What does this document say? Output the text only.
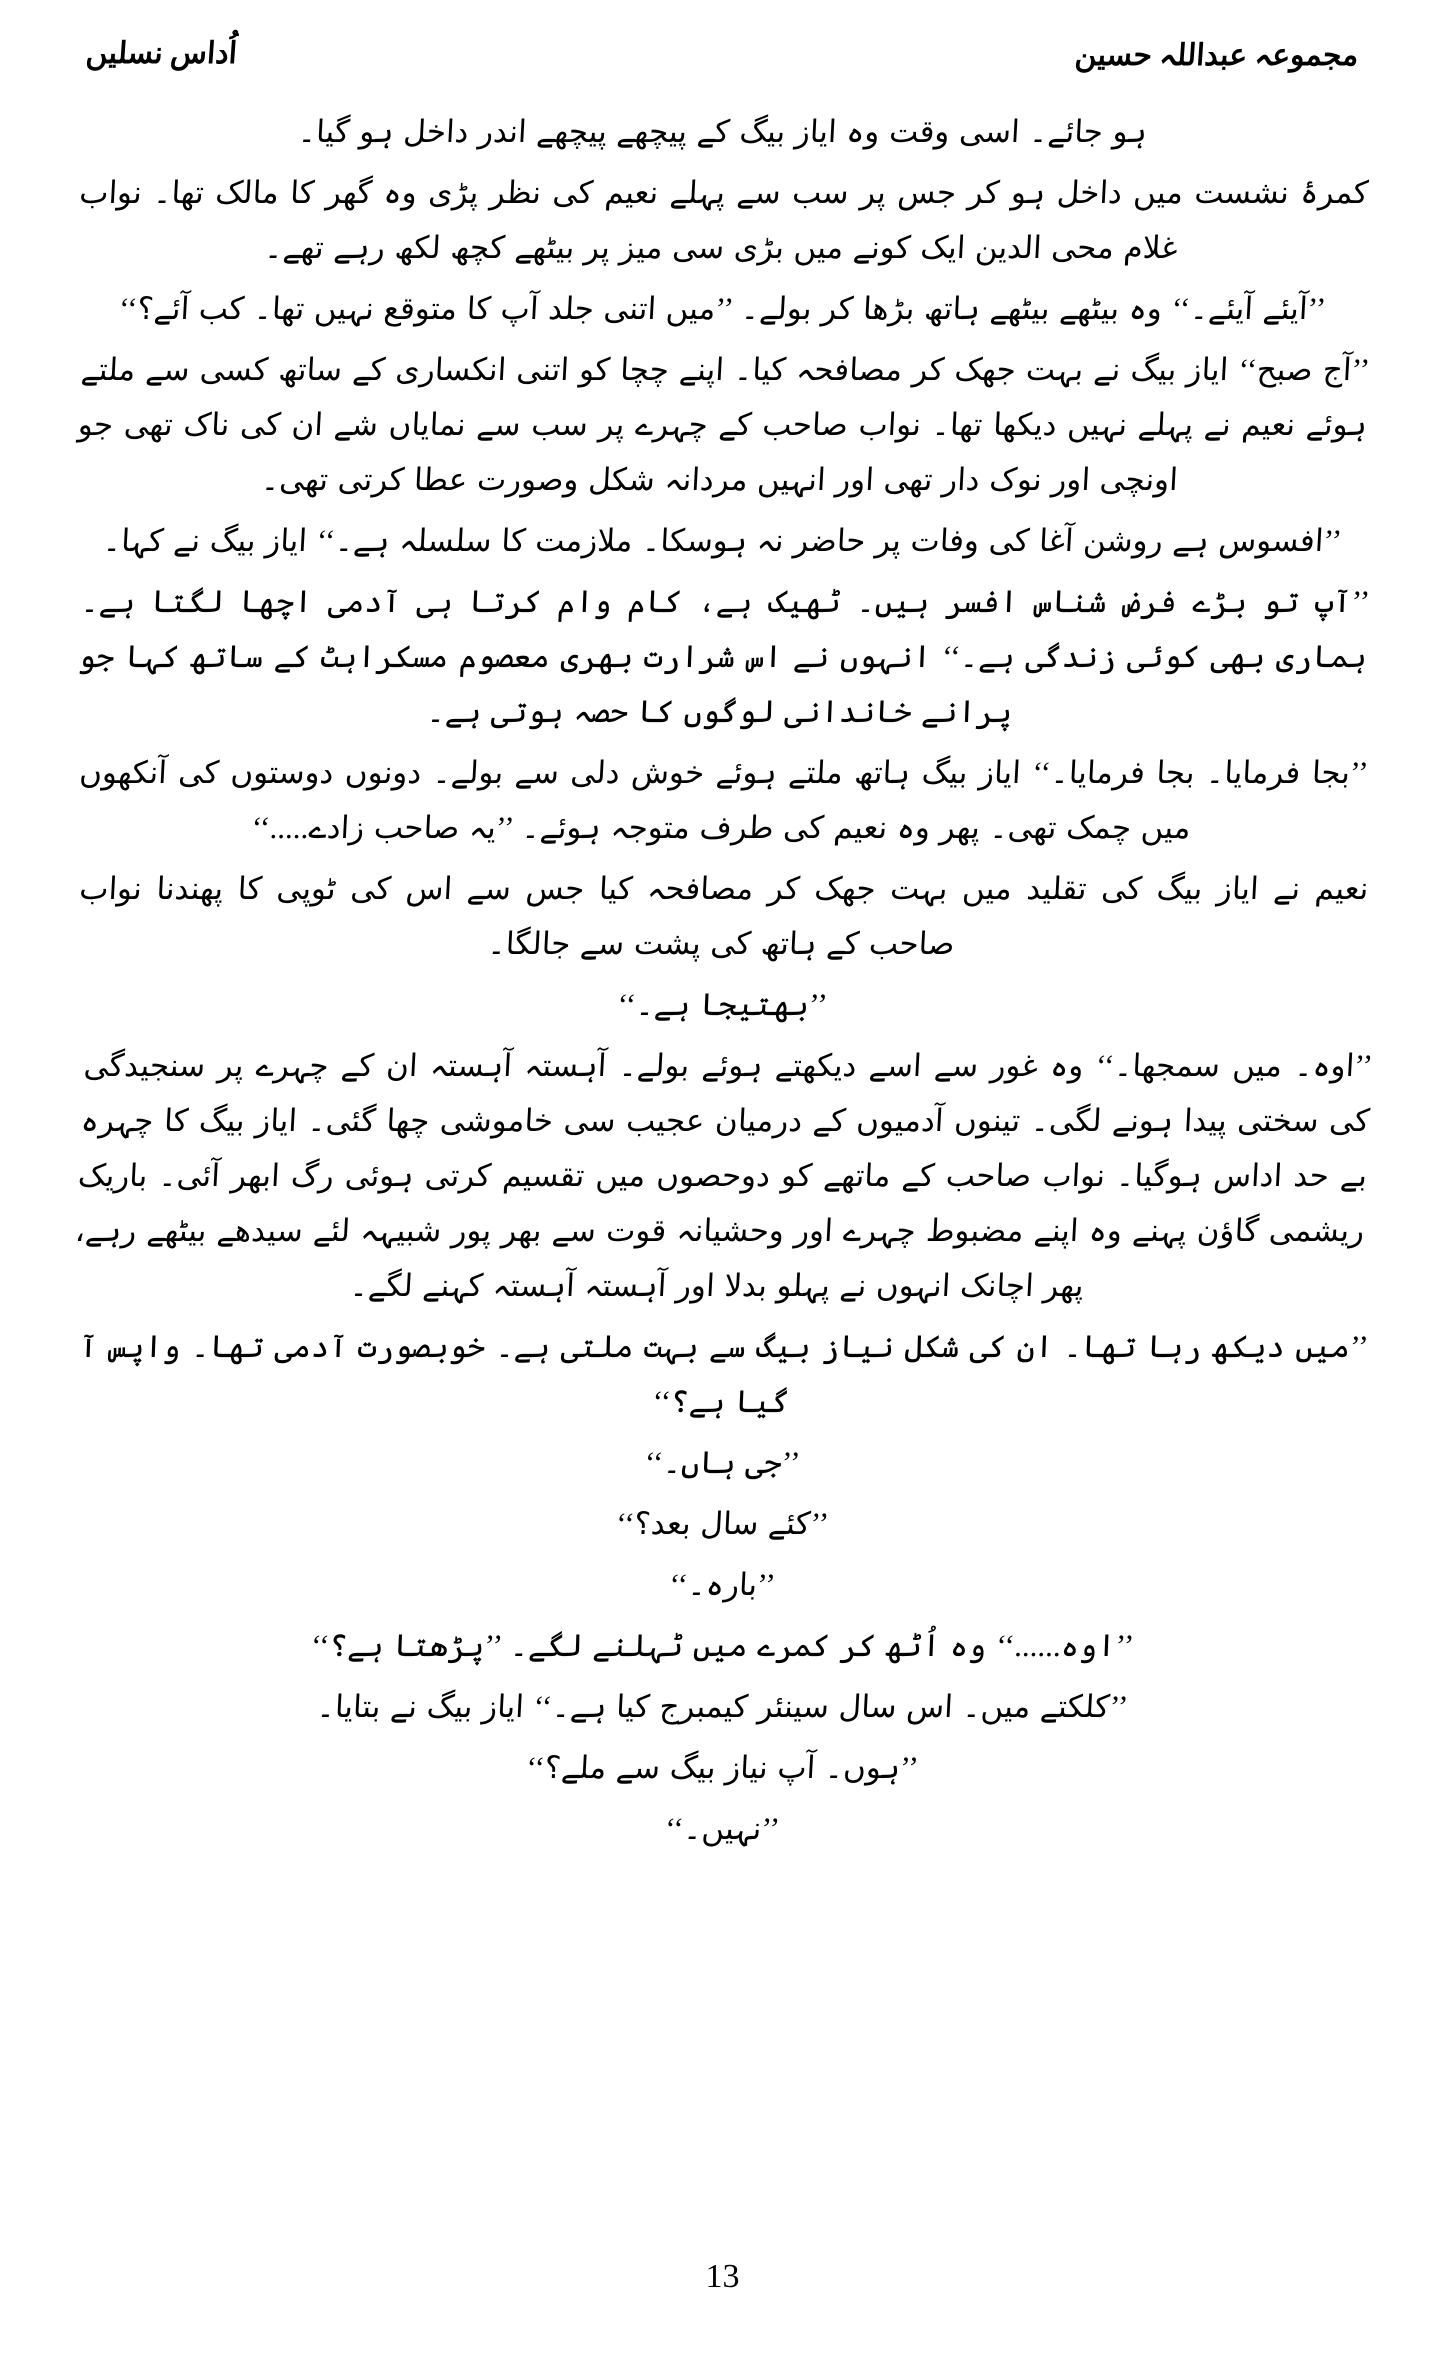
اُداس نسلیں	مجموعہ عبداللہ حسین
ہو جائے۔ اسی وقت وہ ایاز بیگ کے پیچھے پیچھے اندر داخل ہو گیا۔
کمرۂ نشست میں داخل ہو کر جس پر سب سے پہلے نعیم کی نظر پڑی وہ گھر کا مالک تھا۔ نواب غلام محی الدین ایک کونے میں بڑی سی میز پر بیٹھے کچھ لکھ رہے تھے۔
’’آیئے آیئے۔‘‘ وہ بیٹھے بیٹھے ہاتھ بڑھا کر بولے۔ ’’میں اتنی جلد آپ کا متوقع نہیں تھا۔ کب آئے؟‘‘
’’آج صبح‘‘ ایاز بیگ نے بہت جھک کر مصافحہ کیا۔ اپنے چچا کو اتنی انکساری کے ساتھ کسی سے ملتے ہوئے نعیم نے پہلے نہیں دیکھا تھا۔ نواب صاحب کے چہرے پر سب سے نمایاں شے ان کی ناک تھی جو اونچی اور نوک دار تھی اور انہیں مردانہ شکل وصورت عطا کرتی تھی۔
’’افسوس ہے روشن آغا کی وفات پر حاضر نہ ہوسکا۔ ملازمت کا سلسلہ ہے۔‘‘ ایاز بیگ نے کہا۔
’’آپ تو بڑے فرض شناس افسر ہیں۔ ٹھیک ہے، کام وام کرتا ہی آدمی اچھا لگتا ہے۔ ہماری بھی کوئی زندگی ہے۔‘‘ انہوں نے اس شرارت بھری معصوم مسکراہٹ کے ساتھ کہا جو پرانے خاندانی لوگوں کا حصہ ہوتی ہے۔
’’بجا فرمایا۔ بجا فرمایا۔‘‘ ایاز بیگ ہاتھ ملتے ہوئے خوش دلی سے بولے۔ دونوں دوستوں کی آنکھوں میں چمک تھی۔ پھر وہ نعیم کی طرف متوجہ ہوئے۔ ’’یہ صاحب زادے.....‘‘
نعیم نے ایاز بیگ کی تقلید میں بہت جھک کر مصافحہ کیا جس سے اس کی ٹوپی کا پھندنا نواب صاحب کے ہاتھ کی پشت سے جالگا۔
’’بھتیجا ہے۔‘‘
’’اوہ۔ میں سمجھا۔‘‘ وہ غور سے اسے دیکھتے ہوئے بولے۔ آہستہ آہستہ ان کے چہرے پر سنجیدگی کی سختی پیدا ہونے لگی۔ تینوں آدمیوں کے درمیان عجیب سی خاموشی چھا گئی۔ ایاز بیگ کا چہرہ بے حد اداس ہوگیا۔ نواب صاحب کے ماتھے کو دوحصوں میں تقسیم کرتی ہوئی رگ ابھر آئی۔ باریک ریشمی گاؤن پہنے وہ اپنے مضبوط چہرے اور وحشیانہ قوت سے بھر پور شبیہہ لئے سیدھے بیٹھے رہے، پھر اچانک انہوں نے پہلو بدلا اور آہستہ آہستہ کہنے لگے۔
’’میں دیکھ رہا تھا۔ ان کی شکل نیاز بیگ سے بہت ملتی ہے۔ خوبصورت آدمی تھا۔ واپس آ گیا ہے؟‘‘
’’جی ہاں۔‘‘
’’کئے سال بعد؟‘‘
’’بارہ۔‘‘
’’اوہ......‘‘ وہ اُٹھ کر کمرے میں ٹہلنے لگے۔ ’’پڑھتا ہے؟‘‘
’’کلکتے میں۔ اس سال سینئر کیمبرج کیا ہے۔‘‘ ایاز بیگ نے بتایا۔
’’ہوں۔ آپ نیاز بیگ سے ملے؟‘‘
’’نہیں۔‘‘
13
